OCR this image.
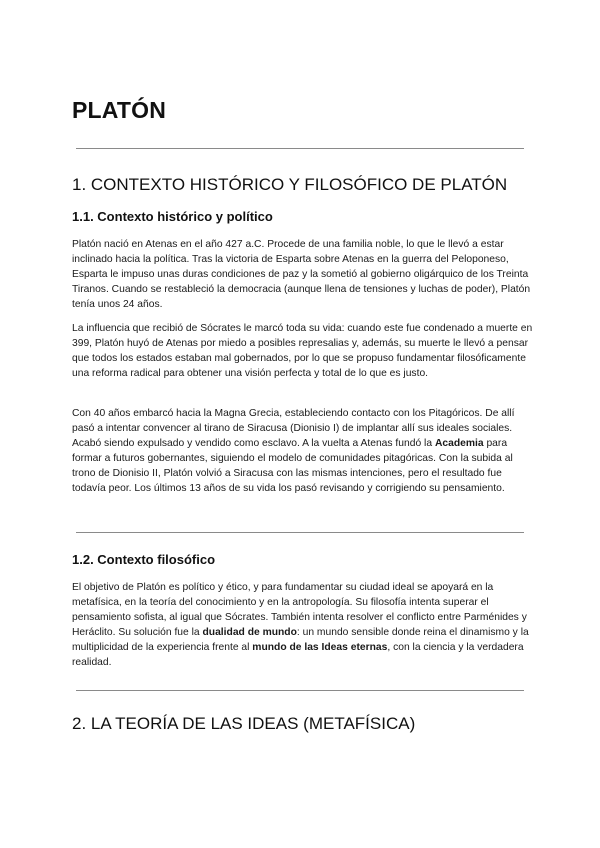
PLATÓN
1. CONTEXTO HISTÓRICO Y FILOSÓFICO DE PLATÓN
1.1. Contexto histórico y político

Platón nació en Atenas en el año 427 a.C. Procede de una familia noble, lo que le llevó a estar inclinado hacia la política. Tras la victoria de Esparta sobre Atenas en la guerra del Peloponeso, Esparta le impuso unas duras condiciones de paz y la sometió al gobierno oligárquico de los Treinta Tiranos. Cuando se restableció la democracia (aunque llena de tensiones y luchas de poder), Platón tenía unos 24 años.

La influencia que recibió de Sócrates le marcó toda su vida: cuando este fue condenado a muerte en 399, Platón huyó de Atenas por miedo a posibles represalias y, además, su muerte le llevó a pensar que todos los estados estaban mal gobernados, por lo que se propuso fundamentar filosóficamente una reforma radical para obtener una visión perfecta y total de lo que es justo.

Con 40 años embarcó hacia la Magna Grecia, estableciendo contacto con los Pitagóricos. De allí pasó a intentar convencer al tirano de Siracusa (Dionisio I) de implantar allí sus ideales sociales. Acabó siendo expulsado y vendido como esclavo. A la vuelta a Atenas fundó la Academia para formar a futuros gobernantes, siguiendo el modelo de comunidades pitagóricas. Con la subida al trono de Dionisio II, Platón volvió a Siracusa con las mismas intenciones, pero el resultado fue todavía peor. Los últimos 13 años de su vida los pasó revisando y corrigiendo su pensamiento.

1.2. Contexto filosófico

El objetivo de Platón es político y ético, y para fundamentar su ciudad ideal se apoyará en la metafísica, en la teoría del conocimiento y en la antropología. Su filosofía intenta superar el pensamiento sofista, al igual que Sócrates. También intenta resolver el conflicto entre Parménides y Heráclito. Su solución fue la dualidad de mundo: un mundo sensible donde reina el dinamismo y la multiplicidad de la experiencia frente al mundo de las Ideas eternas, con la ciencia y la verdadera realidad.

2. LA TEORÍA DE LAS IDEAS (METAFÍSICA)
